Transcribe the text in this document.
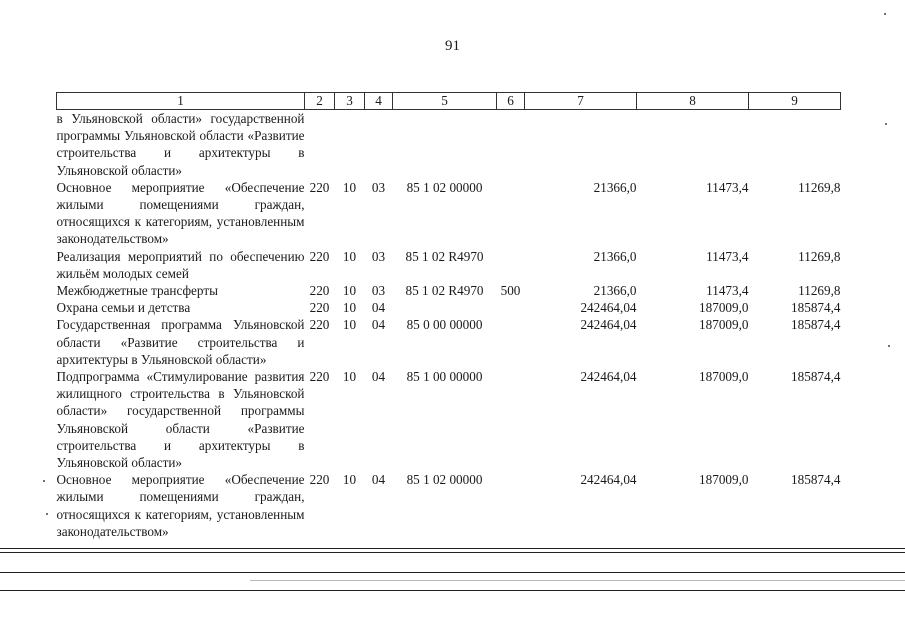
91
1	2	3	4	5	6	7	8	9
в Ульяновской области» государственной программы Ульяновской области «Развитие строительства и архитектуры в Ульяновской области»								
Основное мероприятие «Обеспечение жилыми помещениями граждан, относящихся к категориям, установленным законодательством»	220	10	03	85 1 02 00000		21366,0	11473,4	11269,8
Реализация мероприятий по обеспечению жильём молодых семей	220	10	03	85 1 02 R4970		21366,0	11473,4	11269,8
Межбюджетные трансферты	220	10	03	85 1 02 R4970	500	21366,0	11473,4	11269,8
Охрана семьи и детства	220	10	04			242464,04	187009,0	185874,4
Государственная программа Ульяновской области «Развитие строительства и архитектуры в Ульяновской области»	220	10	04	85 0 00 00000		242464,04	187009,0	185874,4
Подпрограмма «Стимулирование развития жилищного строительства в Ульяновской области» государственной программы Ульяновской области «Развитие строительства и архитектуры в Ульяновской области»	220	10	04	85 1 00 00000		242464,04	187009,0	185874,4
Основное мероприятие «Обеспечение жилыми помещениями граждан, относящихся к категориям, установленным законодательством»	220	10	04	85 1 02 00000		242464,04	187009,0	185874,4
